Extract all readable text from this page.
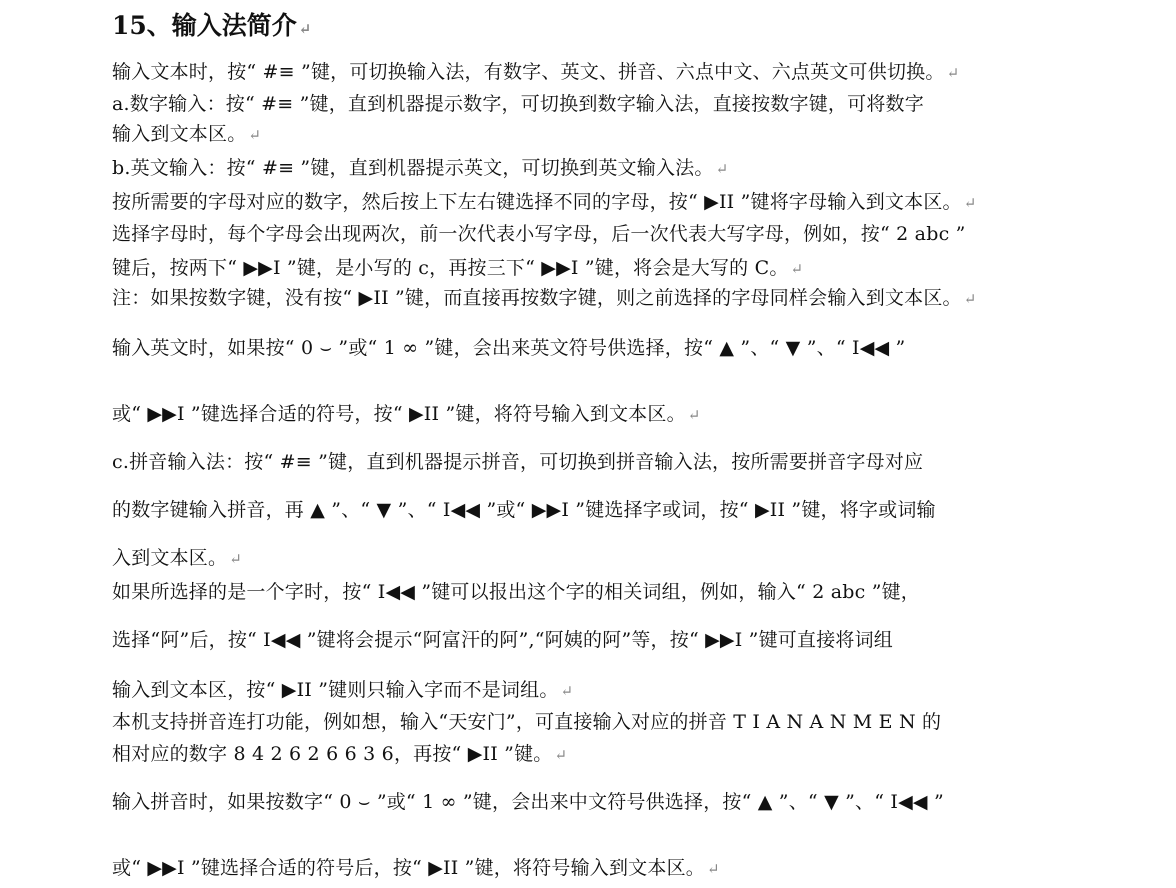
15、输入法简介 ↵
输入文本时，按“ #≡ ”键，可切换输入法，有数字、英文、拼音、六点中文、六点英文可供切换。 ↵
a.数字输入：按“ #≡ ”键，直到机器提示数字，可切换到数字输入法，直接按数字键，可将数字
输入到文本区。 ↵
b.英文输入：按“ #≡ ”键，直到机器提示英文，可切换到英文输入法。 ↵
按所需要的字母对应的数字，然后按上下左右键选择不同的字母，按“ ▶II ”键将字母输入到文本区。 ↵
选择字母时，每个字母会出现两次，前一次代表小写字母，后一次代表大写字母，例如，按“ 2 abc ”
键后，按两下“ ▶▶I ”键，是小写的 c，再按三下“ ▶▶I ”键，将会是大写的 C。 ↵
注：如果按数字键，没有按“ ▶II ”键，而直接再按数字键，则之前选择的字母同样会输入到文本区。 ↵
输入英文时，如果按“ 0 ⌣ ”或“ 1 ∞ ”键，会出来英文符号供选择，按“ ▲ ”、“ ▼ ”、“ I◀◀ ”
或“ ▶▶I ”键选择合适的符号，按“ ▶II ”键，将符号输入到文本区。 ↵
c.拼音输入法：按“ #≡ ”键，直到机器提示拼音，可切换到拼音输入法，按所需要拼音字母对应
的数字键输入拼音，再 ▲ ”、“ ▼ ”、“ I◀◀ ”或“ ▶▶I ”键选择字或词，按“ ▶II ”键，将字或词输
入到文本区。 ↵
如果所选择的是一个字时，按“ I◀◀ ”键可以报出这个字的相关词组，例如，输入“ 2 abc ”键，
选择“阿”后，按“ I◀◀ ”键将会提示“阿富汗的阿”,“阿姨的阿”等，按“ ▶▶I ”键可直接将词组
输入到文本区，按“ ▶II ”键则只输入字而不是词组。 ↵
本机支持拼音连打功能，例如想，输入“天安门”，可直接输入对应的拼音 T I A N A N M E N 的
相对应的数字 8 4 2 6 2 6 6 3 6，再按“ ▶II ”键。 ↵
输入拼音时，如果按数字“ 0 ⌣ ”或“ 1 ∞ ”键，会出来中文符号供选择，按“ ▲ ”、“ ▼ ”、“ I◀◀ ”
或“ ▶▶I ”键选择合适的符号后，按“ ▶II ”键，将符号输入到文本区。 ↵
